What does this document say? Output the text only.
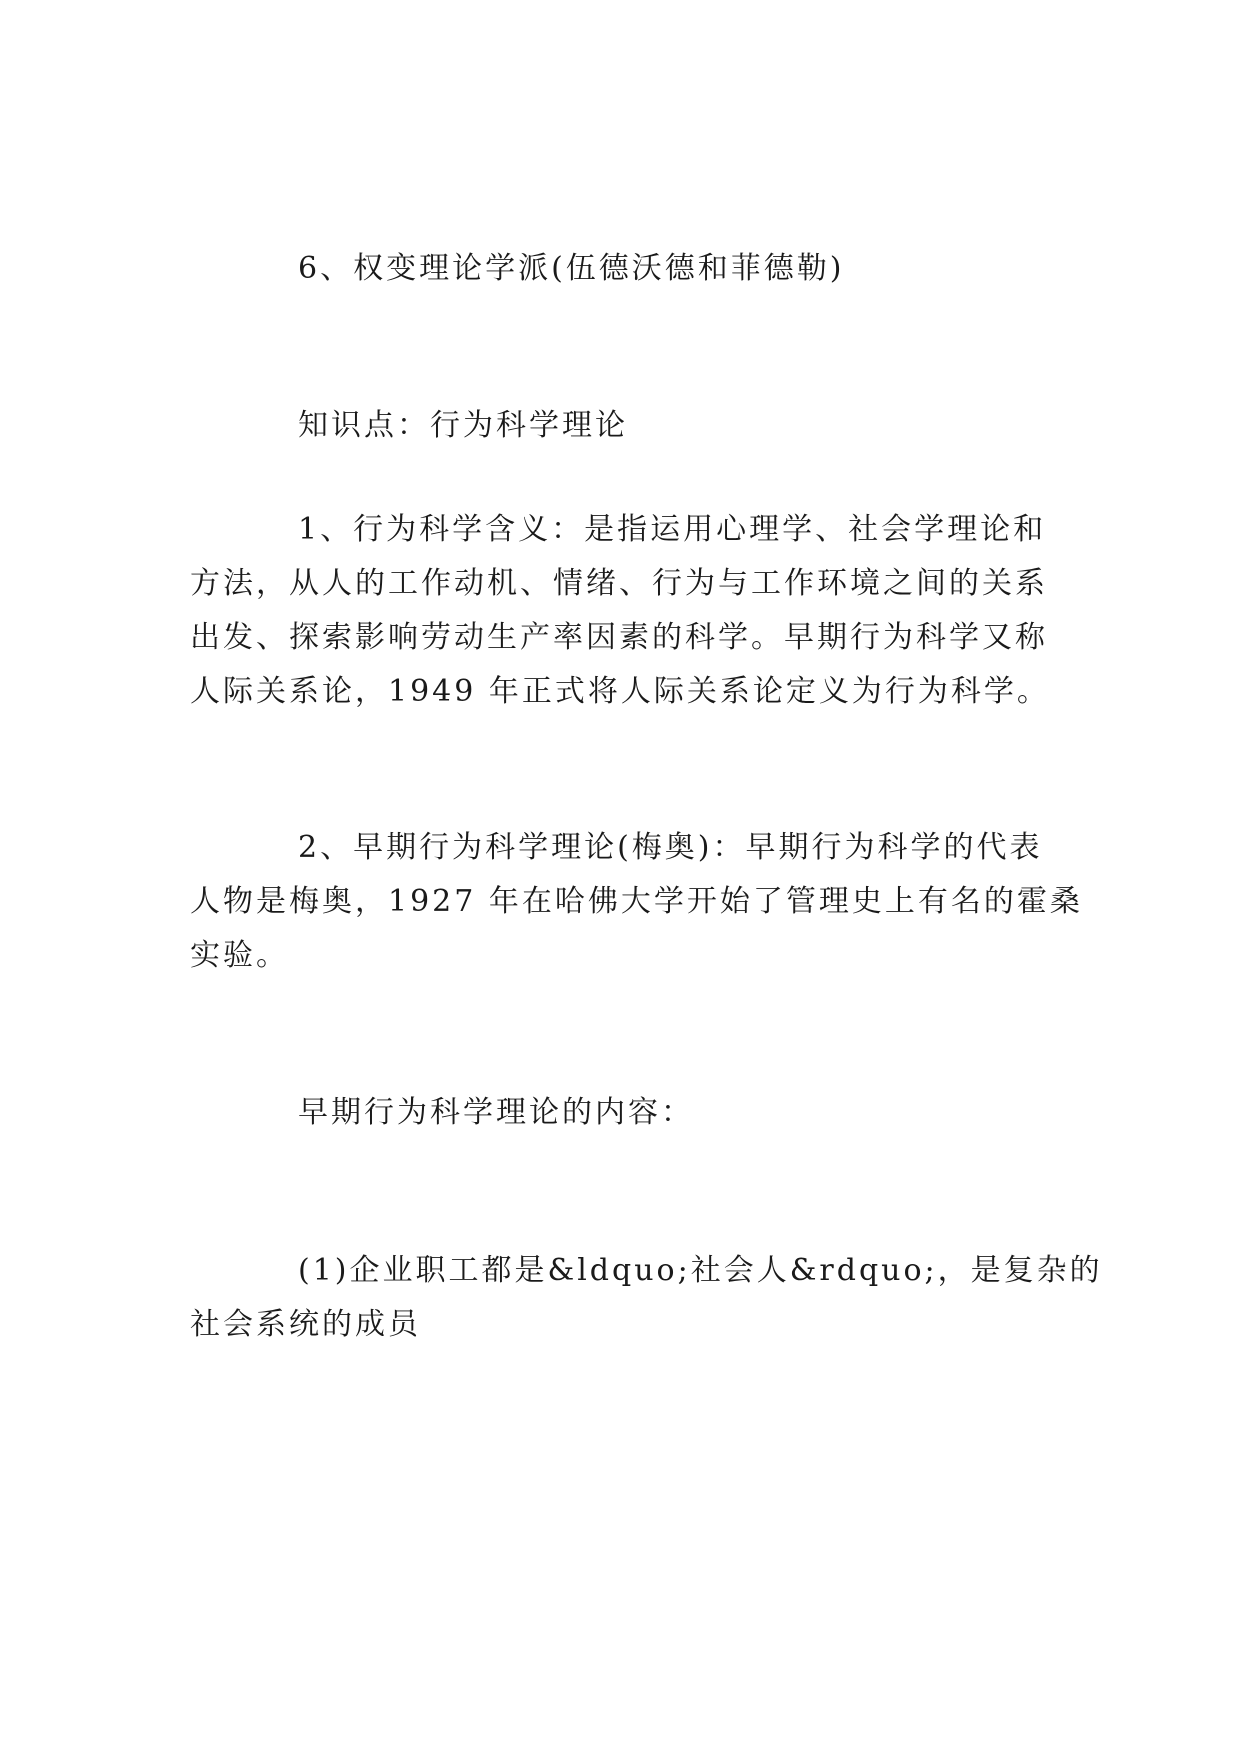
6、权变理论学派(伍德沃德和菲德勒)
知识点：行为科学理论
1、行为科学含义：是指运用心理学、社会学理论和
方法，从人的工作动机、情绪、行为与工作环境之间的关系
出发、探索影响劳动生产率因素的科学。早期行为科学又称
人际关系论，1949 年正式将人际关系论定义为行为科学。
2、早期行为科学理论(梅奥)：早期行为科学的代表
人物是梅奥，1927 年在哈佛大学开始了管理史上有名的霍桑
实验。
早期行为科学理论的内容：
(1)企业职工都是&ldquo;社会人&rdquo;，是复杂的
社会系统的成员
